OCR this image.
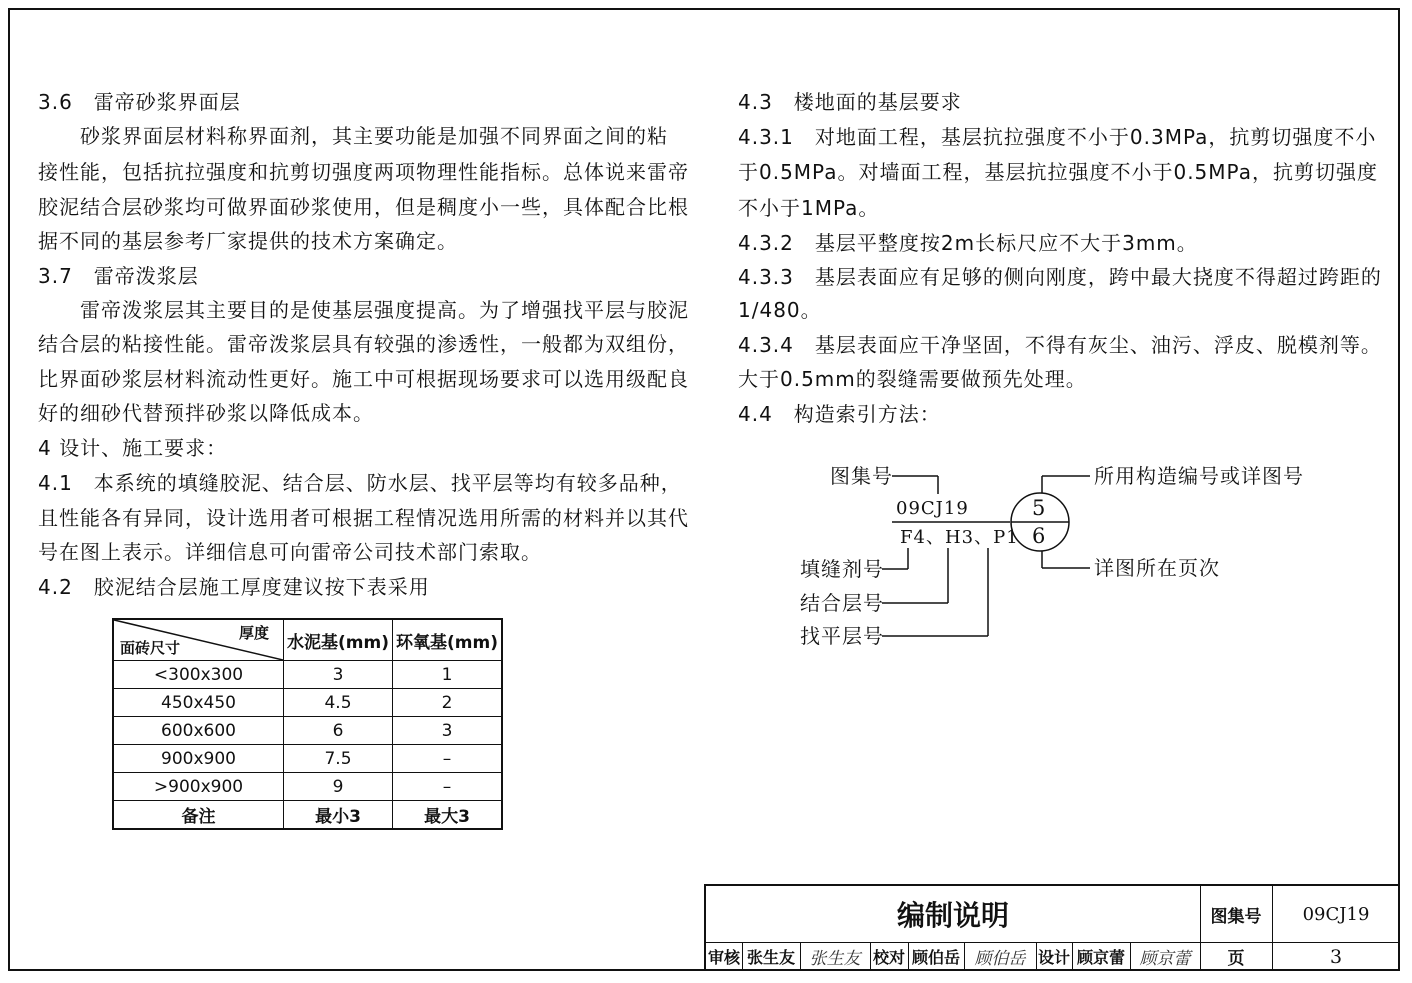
3.6　雷帝砂浆界面层
砂浆界面层材料称界面剂，其主要功能是加强不同界面之间的粘
接性能，包括抗拉强度和抗剪切强度两项物理性能指标。总体说来雷帝
胶泥结合层砂浆均可做界面砂浆使用，但是稠度小一些，具体配合比根
据不同的基层参考厂家提供的技术方案确定。
3.7　雷帝泼浆层
雷帝泼浆层其主要目的是使基层强度提高。为了增强找平层与胶泥
结合层的粘接性能。雷帝泼浆层具有较强的渗透性，一般都为双组份，
比界面砂浆层材料流动性更好。施工中可根据现场要求可以选用级配良
好的细砂代替预拌砂浆以降低成本。
4 设计、施工要求：
4.1　本系统的填缝胶泥、结合层、防水层、找平层等均有较多品种，
且性能各有异同，设计选用者可根据工程情况选用所需的材料并以其代
号在图上表示。详细信息可向雷帝公司技术部门索取。
4.2　胶泥结合层施工厚度建议按下表采用
厚度
面砖尺寸	水泥基(mm)	环氧基(mm)
<300x300	3	1
450x450	4.5	2
600x600	6	3
900x900	7.5	–
>900x900	9	–
备注	最小3	最大3
4.3　楼地面的基层要求
4.3.1　对地面工程，基层抗拉强度不小于0.3MPa，抗剪切强度不小
于0.5MPa。对墙面工程，基层抗拉强度不小于0.5MPa，抗剪切强度
不小于1MPa。
4.3.2　基层平整度按2m长标尺应不大于3mm。
4.3.3　基层表面应有足够的侧向刚度，跨中最大挠度不得超过跨距的
1/480。
4.3.4　基层表面应干净坚固，不得有灰尘、油污、浮皮、脱模剂等。
大于0.5mm的裂缝需要做预先处理。
4.4　构造索引方法：
图集号	所用构造编号或详图号
09CJ19
F4、H3、P1
5
6
填缝剂号
结合层号
找平层号
详图所在页次
编制说明	图集号	09CJ19
审核 张生友 张生友 校对 顾伯岳 顾伯岳 设计 顾京蕾 顾京蕾	页	3
